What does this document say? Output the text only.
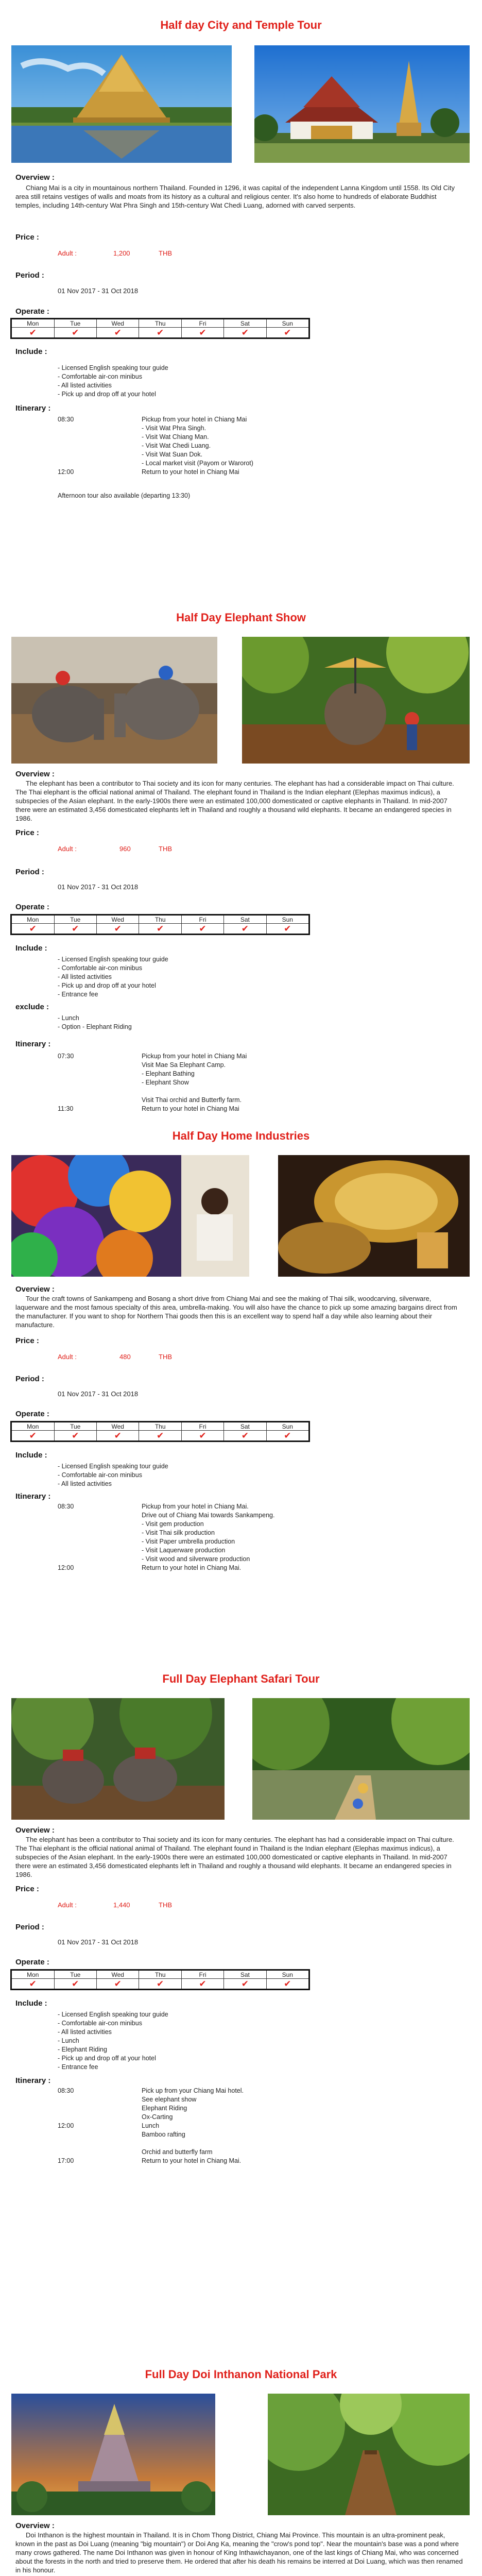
Half day City and Temple Tour
Overview :
Chiang Mai is a city in mountainous northern Thailand. Founded in 1296, it was capital of the independent Lanna Kingdom until 1558. Its Old City area still retains vestiges of walls and moats from its history as a cultural and religious center. It's also home to hundreds of elaborate Buddhist temples, including 14th-century Wat Phra Singh and 15th-century Wat Chedi Luang, adorned with carved serpents.
Price :
Adult :	1,200	THB
Period :
01 Nov 2017 - 31 Oct 2018
Operate :
Mon	Tue	Wed	Thu	Fri	Sat	Sun
✔	✔	✔	✔	✔	✔	✔
Include :
- Licensed English speaking tour guide
- Comfortable air-con minibus
- All listed activities
- Pick up and drop off at your hotel
Itinerary :
08:30	Pickup from your hotel in Chiang Mai
- Visit Wat Phra Singh.
- Visit Wat Chiang Man.
- Visit Wat Chedi Luang.
- Visit Wat Suan Dok.
- Local market visit (Payom or Warorot)
12:00	Return to your hotel in Chiang Mai
Afternoon tour also available (departing 13:30)
Half Day Elephant Show
Overview :
The elephant has been a contributor to Thai society and its icon for many centuries. The elephant has had a considerable impact on Thai culture. The Thai elephant is the official national animal of Thailand. The elephant found in Thailand is the Indian elephant (Elephas maximus indicus), a subspecies of the Asian elephant. In the early-1900s there were an estimated 100,000 domesticated or captive elephants in Thailand. In mid-2007 there were an estimated 3,456 domesticated elephants left in Thailand and roughly a thousand wild elephants. It became an endangered species in 1986.
Price :
Adult :	960	THB
Period :
01 Nov 2017 - 31 Oct 2018
Operate :
Mon	Tue	Wed	Thu	Fri	Sat	Sun
✔	✔	✔	✔	✔	✔	✔
Include :
- Licensed English speaking tour guide
- Comfortable air-con minibus
- All listed activities
- Pick up and drop off at your hotel
- Entrance fee
exclude :
- Lunch
- Option - Elephant Riding
Itinerary :
07:30	Pickup from your hotel in Chiang Mai
Visit Mae Sa Elephant Camp.
- Elephant Bathing
- Elephant Show
Visit Thai orchid and Butterfly farm.
11:30	Return to your hotel in Chiang Mai
Half Day Home Industries
Overview :
Tour the craft towns of Sankampeng and Bosang a short drive from Chiang Mai and see the making of Thai silk, woodcarving, silverware, laquerware and the most famous specialty of this area, umbrella-making. You will also have the chance to pick up some amazing bargains direct from the manufacturer. If you want to shop for Northern Thai goods then this is an excellent way to spend half a day while also learning about their manufacture.
Price :
Adult :	480	THB
Period :
01 Nov 2017 - 31 Oct 2018
Operate :
Mon	Tue	Wed	Thu	Fri	Sat	Sun
✔	✔	✔	✔	✔	✔	✔
Include :
- Licensed English speaking tour guide
- Comfortable air-con minibus
- All listed activities
Itinerary :
08:30	Pickup from your hotel in Chiang Mai.
Drive out of Chiang Mai towards Sankampeng.
- Visit gem production
- Visit Thai silk production
- Visit Paper umbrella production
- Visit Laquerware production
- Visit wood and silverware production
12:00	Return to your hotel in Chiang Mai.
Full Day Elephant Safari Tour
Overview :
The elephant has been a contributor to Thai society and its icon for many centuries. The elephant has had a considerable impact on Thai culture. The Thai elephant is the official national animal of Thailand. The elephant found in Thailand is the Indian elephant (Elephas maximus indicus), a subspecies of the Asian elephant. In the early-1900s there were an estimated 100,000 domesticated or captive elephants in Thailand. In mid-2007 there were an estimated 3,456 domesticated elephants left in Thailand and roughly a thousand wild elephants. It became an endangered species in 1986.
Price :
Adult :	1,440	THB
Period :
01 Nov 2017 - 31 Oct 2018
Operate :
Mon	Tue	Wed	Thu	Fri	Sat	Sun
✔	✔	✔	✔	✔	✔	✔
Include :
- Licensed English speaking tour guide
- Comfortable air-con minibus
- All listed activities
- Lunch
- Elephant Riding
- Pick up and drop off at your hotel
- Entrance fee
Itinerary :
08:30	Pick up from your Chiang Mai hotel.
See elephant show
Elephant Riding
Ox-Carting
12:00	Lunch
Bamboo rafting
Orchid and butterfly farm
17:00	Return to your hotel in Chiang Mai.
Full Day Doi Inthanon National Park
Overview :
Doi Inthanon is the highest mountain in Thailand. It is in Chom Thong District, Chiang Mai Province. This mountain is an ultra-prominent peak, known in the past as Doi Luang (meaning "big mountain") or Doi Ang Ka, meaning the "crow's pond top". Near the mountain's base was a pond where many crows gathered. The name Doi Inthanon was given in honour of King Inthawichayanon, one of the last kings of Chiang Mai, who was concerned about the forests in the north and tried to preserve them. He ordered that after his death his remains be interred at Doi Luang, which was then renamed in his honour.
